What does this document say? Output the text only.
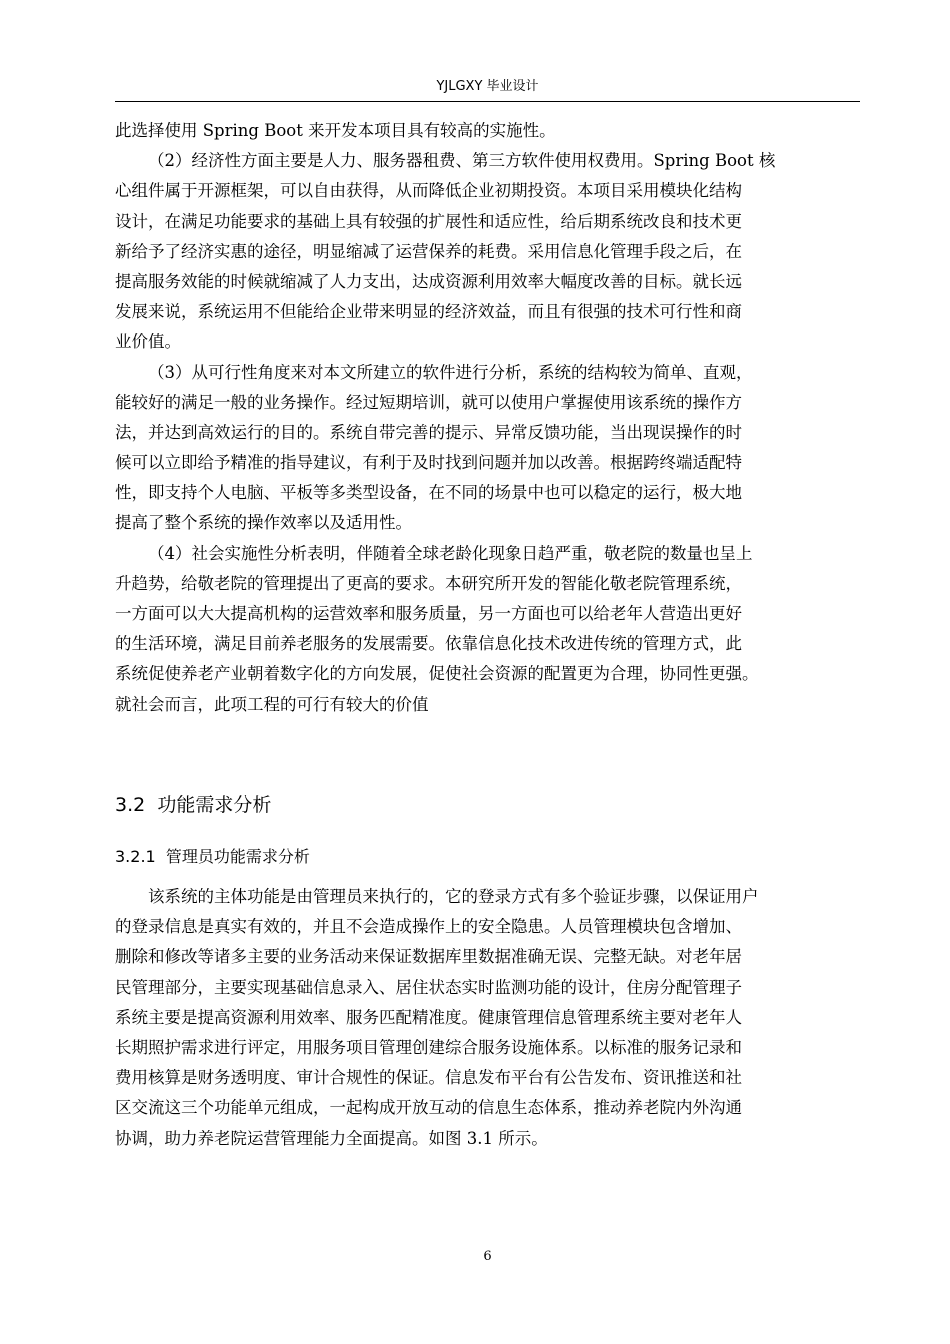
YJLGXY 毕业设计
此选择使用 Spring Boot 来开发本项目具有较高的实施性。
（2）经济性方面主要是人力、服务器租费、第三方软件使用权费用。Spring Boot 核
心组件属于开源框架，可以自由获得，从而降低企业初期投资。本项目采用模块化结构
设计，在满足功能要求的基础上具有较强的扩展性和适应性，给后期系统改良和技术更
新给予了经济实惠的途径，明显缩减了运营保养的耗费。采用信息化管理手段之后，在
提高服务效能的时候就缩减了人力支出，达成资源利用效率大幅度改善的目标。就长远
发展来说，系统运用不但能给企业带来明显的经济效益，而且有很强的技术可行性和商
业价值。
（3）从可行性角度来对本文所建立的软件进行分析，系统的结构较为简单、直观，
能较好的满足一般的业务操作。经过短期培训，就可以使用户掌握使用该系统的操作方
法，并达到高效运行的目的。系统自带完善的提示、异常反馈功能，当出现误操作的时
候可以立即给予精准的指导建议，有利于及时找到问题并加以改善。根据跨终端适配特
性，即支持个人电脑、平板等多类型设备，在不同的场景中也可以稳定的运行，极大地
提高了整个系统的操作效率以及适用性。
（4）社会实施性分析表明，伴随着全球老龄化现象日趋严重，敬老院的数量也呈上
升趋势，给敬老院的管理提出了更高的要求。本研究所开发的智能化敬老院管理系统，
一方面可以大大提高机构的运营效率和服务质量，另一方面也可以给老年人营造出更好
的生活环境，满足目前养老服务的发展需要。依靠信息化技术改进传统的管理方式，此
系统促使养老产业朝着数字化的方向发展，促使社会资源的配置更为合理，协同性更强。
就社会而言，此项工程的可行有较大的价值
3.2 功能需求分析
3.2.1 管理员功能需求分析
该系统的主体功能是由管理员来执行的，它的登录方式有多个验证步骤，以保证用户
的登录信息是真实有效的，并且不会造成操作上的安全隐患。人员管理模块包含增加、
删除和修改等诸多主要的业务活动来保证数据库里数据准确无误、完整无缺。对老年居
民管理部分，主要实现基础信息录入、居住状态实时监测功能的设计，住房分配管理子
系统主要是提高资源利用效率、服务匹配精准度。健康管理信息管理系统主要对老年人
长期照护需求进行评定，用服务项目管理创建综合服务设施体系。以标准的服务记录和
费用核算是财务透明度、审计合规性的保证。信息发布平台有公告发布、资讯推送和社
区交流这三个功能单元组成，一起构成开放互动的信息生态体系，推动养老院内外沟通
协调，助力养老院运营管理能力全面提高。如图 3.1 所示。
6
